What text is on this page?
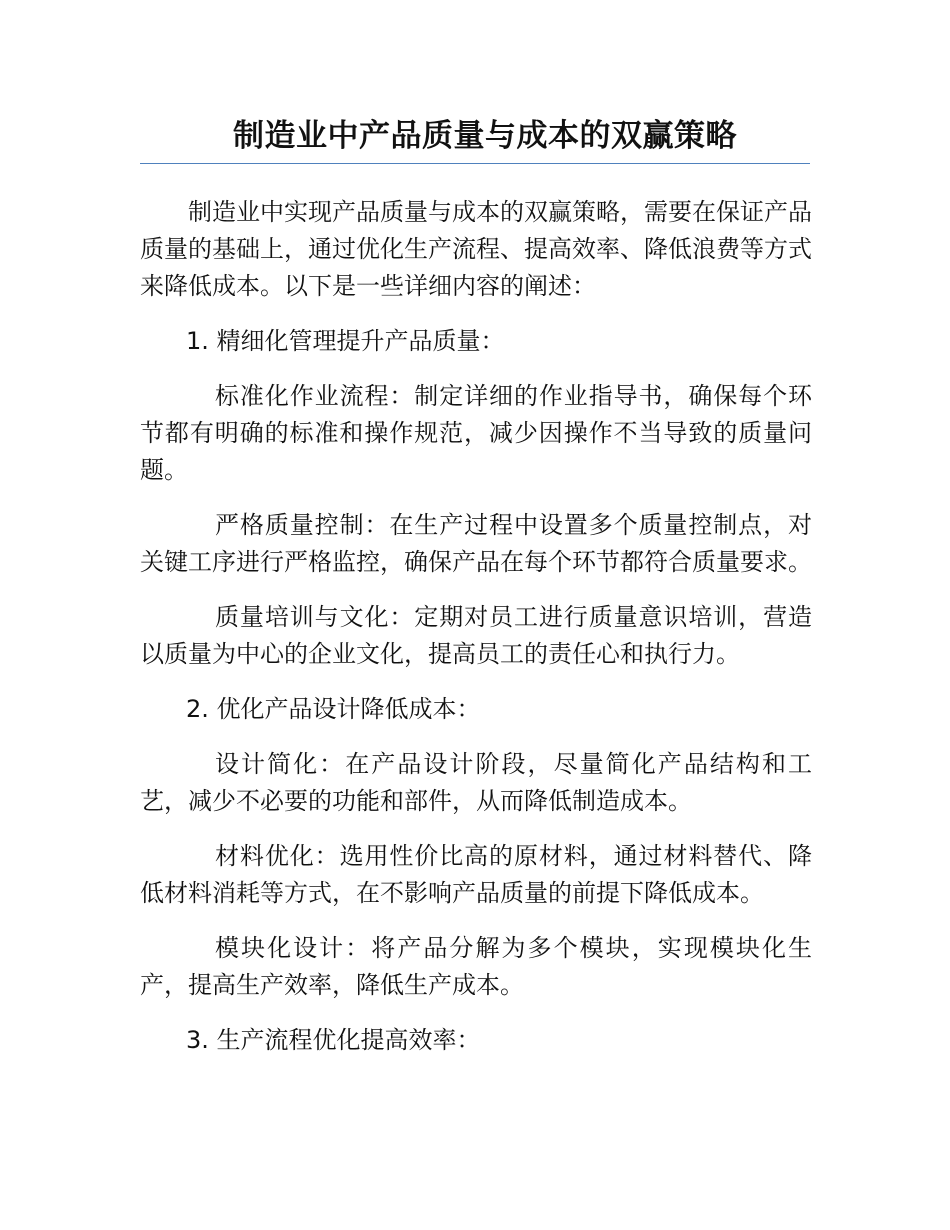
制造业中产品质量与成本的双赢策略

制造业中实现产品质量与成本的双赢策略，需要在保证产品质量的基础上，通过优化生产流程、提高效率、降低浪费等方式来降低成本。以下是一些详细内容的阐述：

1. 精细化管理提升产品质量：

标准化作业流程：制定详细的作业指导书，确保每个环节都有明确的标准和操作规范，减少因操作不当导致的质量问题。

严格质量控制：在生产过程中设置多个质量控制点，对关键工序进行严格监控，确保产品在每个环节都符合质量要求。

质量培训与文化：定期对员工进行质量意识培训，营造以质量为中心的企业文化，提高员工的责任心和执行力。

2. 优化产品设计降低成本：

设计简化：在产品设计阶段，尽量简化产品结构和工艺，减少不必要的功能和部件，从而降低制造成本。

材料优化：选用性价比高的原材料，通过材料替代、降低材料消耗等方式，在不影响产品质量的前提下降低成本。

模块化设计：将产品分解为多个模块，实现模块化生产，提高生产效率，降低生产成本。

3. 生产流程优化提高效率：
